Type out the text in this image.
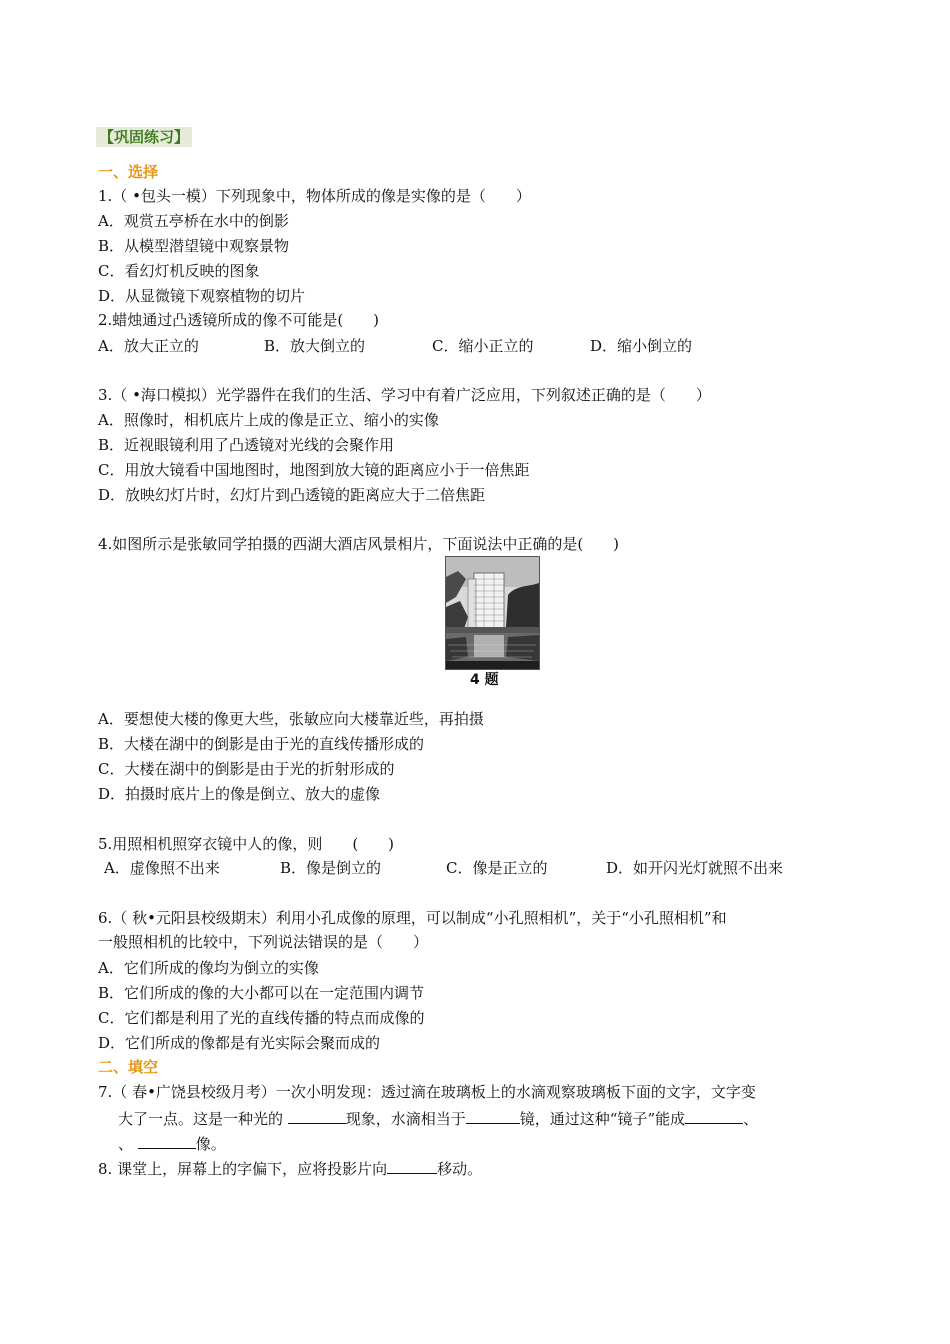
【巩固练习】
一、选择
1.（ •包头一模）下列现象中，物体所成的像是实像的是（　　）
A．观赏五亭桥在水中的倒影
B．从模型潜望镜中观察景物
C．看幻灯机反映的图象
D．从显微镜下观察植物的切片
2.蜡烛通过凸透镜所成的像不可能是(　　)
A．放大正立的	B．放大倒立的	C．缩小正立的	D．缩小倒立的
3.（ •海口模拟）光学器件在我们的生活、学习中有着广泛应用，下列叙述正确的是（　　）
A．照像时，相机底片上成的像是正立、缩小的实像
B．近视眼镜利用了凸透镜对光线的会聚作用
C．用放大镜看中国地图时，地图到放大镜的距离应小于一倍焦距
D．放映幻灯片时，幻灯片到凸透镜的距离应大于二倍焦距
4.如图所示是张敏同学拍摄的西湖大酒店风景相片，下面说法中正确的是(　　)
4 题
A．要想使大楼的像更大些，张敏应向大楼靠近些，再拍摄
B．大楼在湖中的倒影是由于光的直线传播形成的
C．大楼在湖中的倒影是由于光的折射形成的
D．拍摄时底片上的像是倒立、放大的虚像
5.用照相机照穿衣镜中人的像，则　　(　　)
A．虚像照不出来	B．像是倒立的	C．像是正立的	D．如开闪光灯就照不出来
6.（ 秋•元阳县校级期末）利用小孔成像的原理，可以制成“小孔照相机”，关于“小孔照相机”和
一般照相机的比较中，下列说法错误的是（　　）
A．它们所成的像均为倒立的实像
B．它们所成的像的大小都可以在一定范围内调节
C．它们都是利用了光的直线传播的特点而成像的
D．它们所成的像都是有光实际会聚而成的
二、填空
7.（ 春•广饶县校级月考）一次小明发现：透过滴在玻璃板上的水滴观察玻璃板下面的文字，文字变
大了一点。这是一种光的	现象，水滴相当于	镜，通过这种“镜子”能成	、
、	像。
8. 课堂上，屏幕上的字偏下，应将投影片向	移动。
